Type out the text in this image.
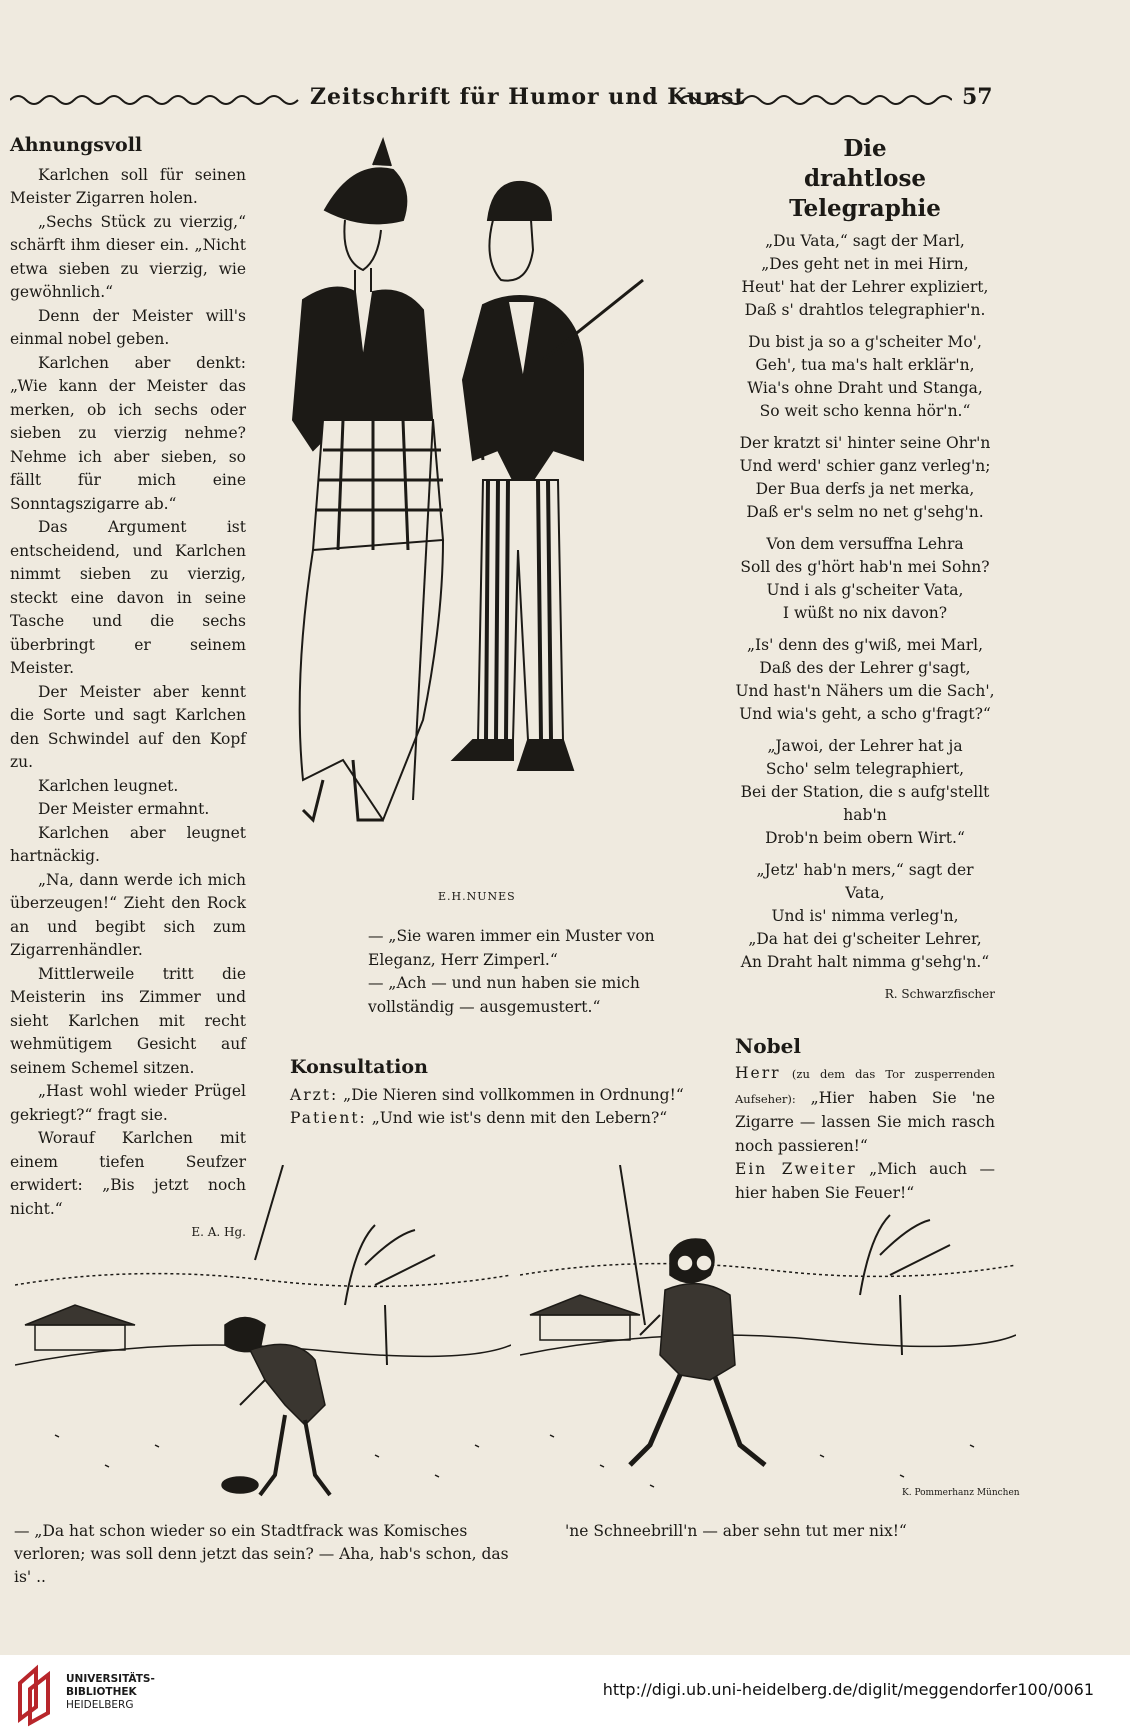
Zeitschrift für Humor und Kunst	57
Ahnungsvoll

Karlchen soll für seinen Meister Zigarren holen.

„Sechs Stück zu vierzig,“ schärft ihm dieser ein. „Nicht etwa sieben zu vierzig, wie gewöhnlich.“

Denn der Meister will's einmal nobel geben.

Karlchen aber denkt: „Wie kann der Meister das merken, ob ich sechs oder sieben zu vierzig nehme? Nehme ich aber sieben, so fällt für mich eine Sonntagszigarre ab.“

Das Argument ist entscheidend, und Karlchen nimmt sieben zu vierzig, steckt eine davon in seine Tasche und die sechs überbringt er seinem Meister.

Der Meister aber kennt die Sorte und sagt Karlchen den Schwindel auf den Kopf zu.

Karlchen leugnet.

Der Meister ermahnt.

Karlchen aber leugnet hartnäckig.

„Na, dann werde ich mich überzeugen!“ Zieht den Rock an und begibt sich zum Zigarrenhändler.

Mittlerweile tritt die Meisterin ins Zimmer und sieht Karlchen mit recht wehmütigem Gesicht auf seinem Schemel sitzen.

„Hast wohl wieder Prügel gekriegt?“ fragt sie.

Worauf Karlchen mit einem tiefen Seufzer erwidert: „Bis jetzt noch nicht.“

E. A. Hg.
E.H.NUNES

— „Sie waren immer ein Muster von Eleganz, Herr Zimperl.“

— „Ach — und nun haben sie mich vollständig — ausgemustert.“

Konsultation

Arzt: „Die Nieren sind vollkommen in Ordnung!“

Patient: „Und wie ist's denn mit den Lebern?“

Die
drahtlose Telegraphie

„Du Vata,“ sagt der Marl,

„Des geht net in mei Hirn,

Heut' hat der Lehrer expliziert,

Daß s' drahtlos telegraphier'n.

Du bist ja so a g'scheiter Mo',

Geh', tua ma's halt erklär'n,

Wia's ohne Draht und Stanga,

So weit scho kenna hör'n.“

Der kratzt si' hinter seine Ohr'n

Und werd' schier ganz verleg'n;

Der Bua derfs ja net merka,

Daß er's selm no net g'sehg'n.

Von dem versuffna Lehra

Soll des g'hört hab'n mei Sohn?

Und i als g'scheiter Vata,

I wüßt no nix davon?

„Is' denn des g'wiß, mei Marl,

Daß des der Lehrer g'sagt,

Und hast'n Nähers um die Sach',

Und wia's geht, a scho g'fragt?“

„Jawoi, der Lehrer hat ja

Scho' selm telegraphiert,

Bei der Station, die s aufg'stellt hab'n

Drob'n beim obern Wirt.“

„Jetz' hab'n mers,“ sagt der Vata,

Und is' nimma verleg'n,

„Da hat dei g'scheiter Lehrer,

An Draht halt nimma g'sehg'n.“

R. Schwarzfischer
Nobel

Herr (zu dem das Tor zusperrenden Aufseher): „Hier haben Sie 'ne Zigarre — lassen Sie mich rasch noch passieren!“

Ein Zweiter „Mich auch — hier haben Sie Feuer!“

K. Pommerhanz München

— „Da hat schon wieder so ein Stadtfrack was Komisches verloren; was soll denn jetzt das sein? — Aha, hab's schon, das is' ..

'ne Schneebrill'n — aber sehn tut mer nix!“
UNIVERSITÄTS-
BIBLIOTHEK
HEIDELBERG
http://digi.ub.uni-heidelberg.de/diglit/meggendorfer100/0061
